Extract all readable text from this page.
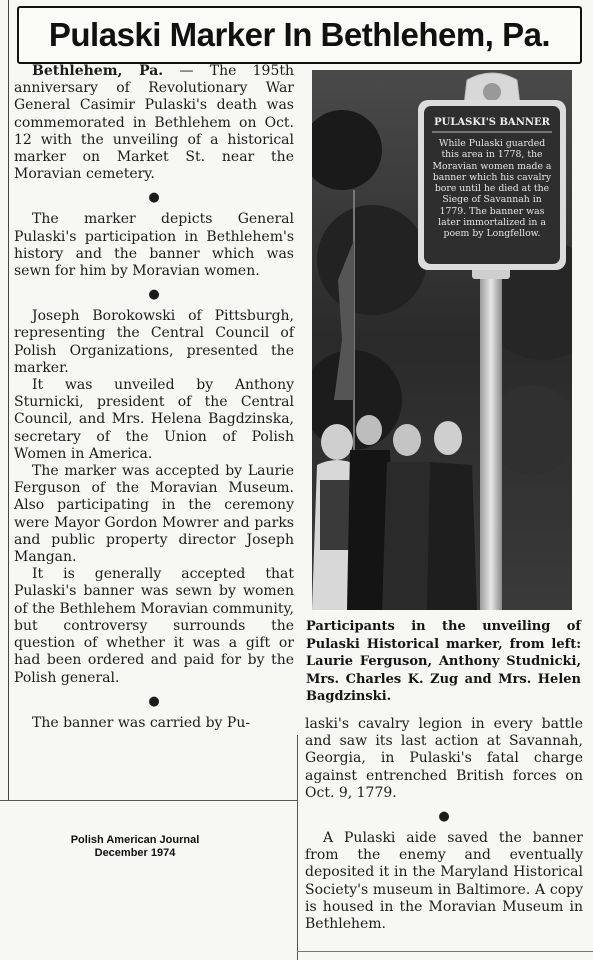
Pulaski Marker In Bethlehem, Pa.

Bethlehem, Pa. — The 195th anniversary of Revolutionary War General Casimir Pulaski's death was commemorated in Bethlehem on Oct. 12 with the unveiling of a historical marker on Market St. near the Moravian cemetery.

●

The marker depicts General Pulaski's participation in Bethlehem's history and the banner which was sewn for him by Moravian women.

●

Joseph Borokowski of Pittsburgh, representing the Central Council of Polish Organizations, presented the marker.

It was unveiled by Anthony Sturnicki, president of the Central Council, and Mrs. Helena Bagdzinska, secretary of the Union of Polish Women in America.

The marker was accepted by Laurie Ferguson of the Moravian Museum. Also participating in the ceremony were Mayor Gordon Mowrer and parks and public property director Joseph Mangan.

It is generally accepted that Pulaski's banner was sewn by women of the Bethlehem Moravian community, but controversy surrounds the question of whether it was a gift or had been ordered and paid for by the Polish general.

●

The banner was carried by Pu-

PULASKI'S BANNER
While Pulaski guarded this area in 1778, the Moravian women made a banner which his cavalry bore until he died at the Siege of Savannah in 1779. The banner was later immortalized in a poem by Longfellow.
Participants in the unveiling of Pulaski Historical marker, from left: Laurie Ferguson, Anthony Studnicki, Mrs. Charles K. Zug and Mrs. Helen Bagdzinski.

laski's cavalry legion in every battle and saw its last action at Savannah, Georgia, in Pulaski's fatal charge against entrenched British forces on Oct. 9, 1779.

●

A Pulaski aide saved the banner from the enemy and eventually deposited it in the Maryland Historical Society's museum in Baltimore. A copy is housed in the Moravian Museum in Bethlehem.

Polish American Journal
December 1974
